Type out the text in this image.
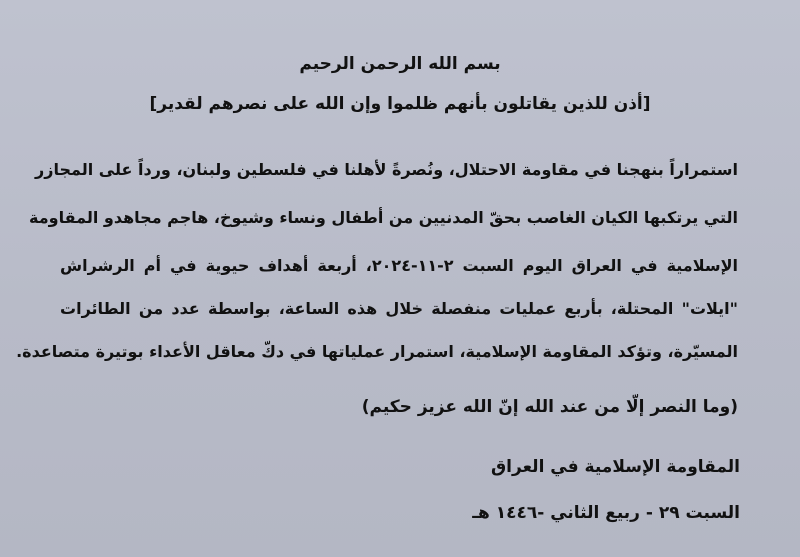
بسم الله الرحمن الرحيم
[أذن للذين يقاتلون بأنهم ظلموا وإن الله على نصرهم لقدير]
استمراراً بنهجنا في مقاومة الاحتلال، ونُصرةً لأهلنا في فلسطين ولبنان، ورداً على المجازر
التي يرتكبها الكيان الغاصب بحقّ المدنيين من أطفال ونساء وشيوخ، هاجم مجاهدو المقاومة
الإسلامية في العراق اليوم السبت ٢-١١-٢٠٢٤، أربعة أهداف حيوية في أم الرشراش
"ايلات" المحتلة، بأربع عمليات منفصلة خلال هذه الساعة، بواسطة عدد من الطائرات
المسيّرة، وتؤكد المقاومة الإسلامية، استمرار عملياتها في دكّ معاقل الأعداء بوتيرة متصاعدة.
(وما النصر إلّا من عند الله إنّ الله عزيز حكيم)
المقاومة الإسلامية في العراق
السبت ٢٩ - ربيع الثاني -١٤٤٦ هـ
